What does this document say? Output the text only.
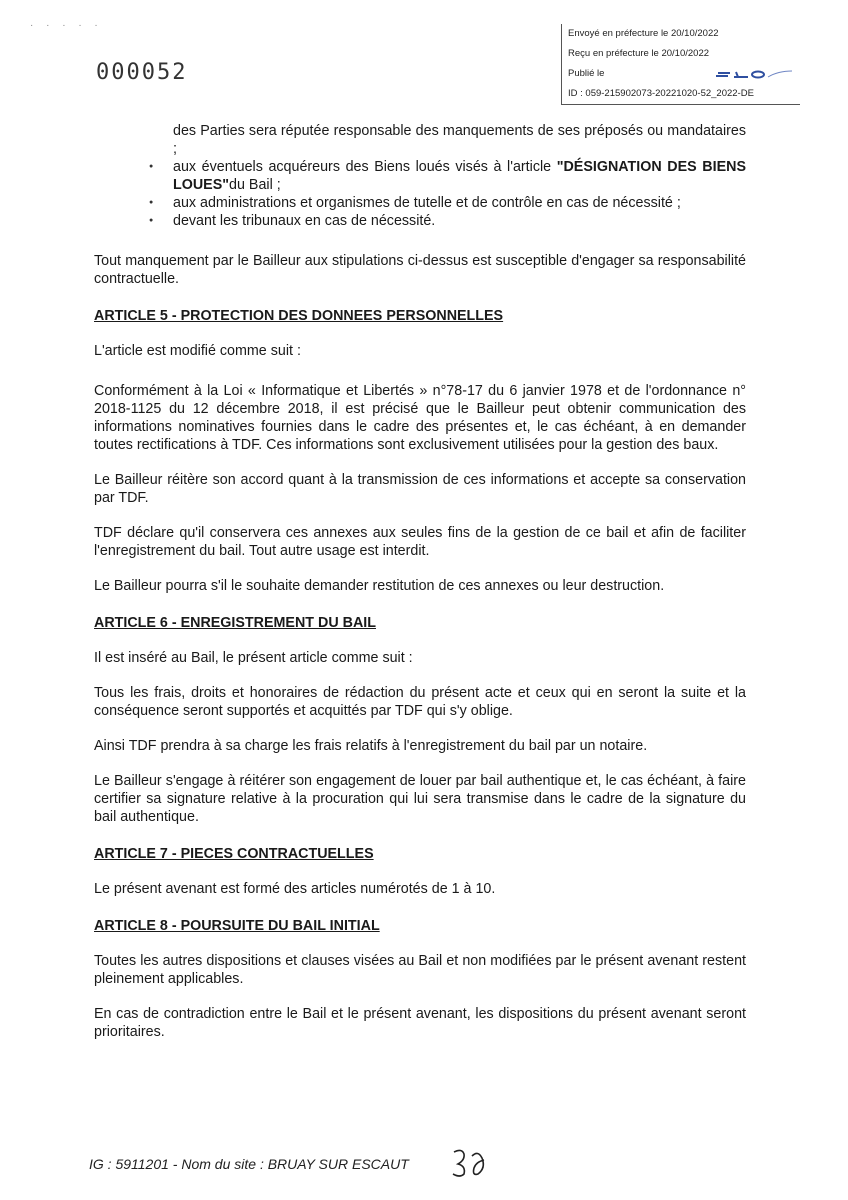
· · · · ·
000052
Envoyé en préfecture le 20/10/2022
Reçu en préfecture le 20/10/2022
Publié le
ID : 059-215902073-20221020-52_2022-DE

des Parties sera réputée responsable des manquements de ses préposés ou mandataires ;

● aux éventuels acquéreurs des Biens loués visés à l'article "DÉSIGNATION DES BIENS LOUES"du Bail ;
● aux administrations et organismes de tutelle et de contrôle en cas de nécessité ;
● devant les tribunaux en cas de nécessité.

Tout manquement par le Bailleur aux stipulations ci-dessus est susceptible d'engager sa responsabilité contractuelle.

ARTICLE 5 - PROTECTION DES DONNEES PERSONNELLES

L'article est modifié comme suit :

Conformément à la Loi « Informatique et Libertés » n°78-17 du 6 janvier 1978 et de l'ordonnance n° 2018-1125 du 12 décembre 2018, il est précisé que le Bailleur peut obtenir communication des informations nominatives fournies dans le cadre des présentes et, le cas échéant, à en demander toutes rectifications à TDF. Ces informations sont exclusivement utilisées pour la gestion des baux.

Le Bailleur réitère son accord quant à la transmission de ces informations et accepte sa conservation par TDF.

TDF déclare qu'il conservera ces annexes aux seules fins de la gestion de ce bail et afin de faciliter l'enregistrement du bail. Tout autre usage est interdit.

Le Bailleur pourra s'il le souhaite demander restitution de ces annexes ou leur destruction.

ARTICLE 6 - ENREGISTREMENT DU BAIL

Il est inséré au Bail, le présent article comme suit :

Tous les frais, droits et honoraires de rédaction du présent acte et ceux qui en seront la suite et la conséquence seront supportés et acquittés par TDF qui s'y oblige.

Ainsi TDF prendra à sa charge les frais relatifs à l'enregistrement du bail par un notaire.

Le Bailleur s'engage à réitérer son engagement de louer par bail authentique et, le cas échéant, à faire certifier sa signature relative à la procuration qui lui sera transmise dans le cadre de la signature du bail authentique.

ARTICLE 7 - PIECES CONTRACTUELLES

Le présent avenant est formé des articles numérotés de 1 à 10.

ARTICLE 8 - POURSUITE DU BAIL INITIAL

Toutes les autres dispositions et clauses visées au Bail et non modifiées par le présent avenant restent pleinement applicables.

En cas de contradiction entre le Bail et le présent avenant, les dispositions du présent avenant seront prioritaires.

IG : 5911201 - Nom du site : BRUAY SUR ESCAUT
